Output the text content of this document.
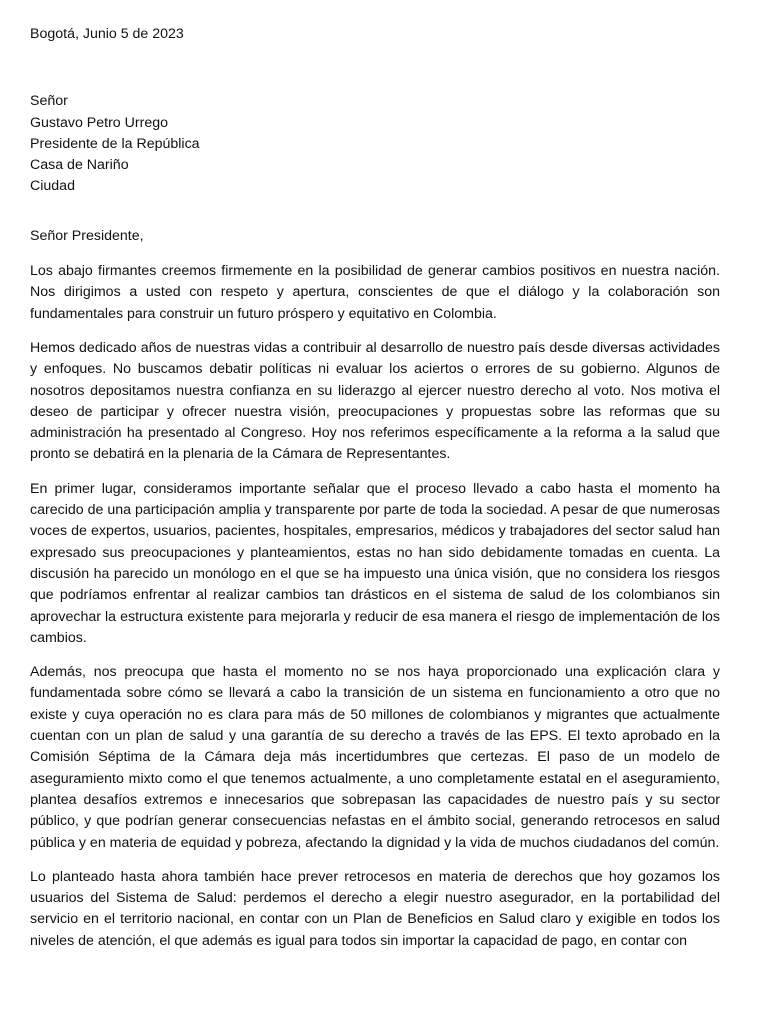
Bogotá, Junio 5 de 2023
Señor
Gustavo Petro Urrego
Presidente de la República
Casa de Nariño
Ciudad
Señor Presidente,

Los abajo firmantes creemos firmemente en la posibilidad de generar cambios positivos en nuestra nación. Nos dirigimos a usted con respeto y apertura, conscientes de que el diálogo y la colaboración son fundamentales para construir un futuro próspero y equitativo en Colombia.

Hemos dedicado años de nuestras vidas a contribuir al desarrollo de nuestro país desde diversas actividades y enfoques. No buscamos debatir políticas ni evaluar los aciertos o errores de su gobierno. Algunos de nosotros depositamos nuestra confianza en su liderazgo al ejercer nuestro derecho al voto. Nos motiva el deseo de participar y ofrecer nuestra visión, preocupaciones y propuestas sobre las reformas que su administración ha presentado al Congreso. Hoy nos referimos específicamente a la reforma a la salud que pronto se debatirá en la plenaria de la Cámara de Representantes.

En primer lugar, consideramos importante señalar que el proceso llevado a cabo hasta el momento ha carecido de una participación amplia y transparente por parte de toda la sociedad. A pesar de que numerosas voces de expertos, usuarios, pacientes, hospitales, empresarios, médicos y trabajadores del sector salud han expresado sus preocupaciones y planteamientos, estas no han sido debidamente tomadas en cuenta. La discusión ha parecido un monólogo en el que se ha impuesto una única visión, que no considera los riesgos que podríamos enfrentar al realizar cambios tan drásticos en el sistema de salud de los colombianos sin aprovechar la estructura existente para mejorarla y reducir de esa manera el riesgo de implementación de los cambios.

Además, nos preocupa que hasta el momento no se nos haya proporcionado una explicación clara y fundamentada sobre cómo se llevará a cabo la transición de un sistema en funcionamiento a otro que no existe y cuya operación no es clara para más de 50 millones de colombianos y migrantes que actualmente cuentan con un plan de salud y una garantía de su derecho a través de las EPS. El texto aprobado en la Comisión Séptima de la Cámara deja más incertidumbres que certezas. El paso de un modelo de aseguramiento mixto como el que tenemos actualmente, a uno completamente estatal en el aseguramiento, plantea desafíos extremos e innecesarios que sobrepasan las capacidades de nuestro país y su sector público, y que podrían generar consecuencias nefastas en el ámbito social, generando retrocesos en salud pública y en materia de equidad y pobreza, afectando la dignidad y la vida de muchos ciudadanos del común.

Lo planteado hasta ahora también hace prever retrocesos en materia de derechos que hoy gozamos los usuarios del Sistema de Salud: perdemos el derecho a elegir nuestro asegurador, en la portabilidad del servicio en el territorio nacional, en contar con un Plan de Beneficios en Salud claro y exigible en todos los niveles de atención, el que además es igual para todos sin importar la capacidad de pago, en contar con
